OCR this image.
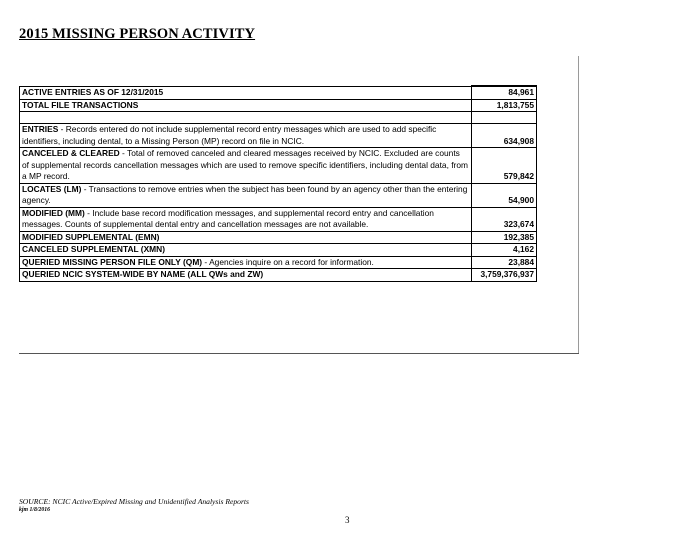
2015 MISSING PERSON ACTIVITY
ACTIVE ENTRIES AS OF 12/31/2015	84,961
TOTAL FILE TRANSACTIONS	1,813,755

ENTRIES - Records entered do not include supplemental record entry messages which are used to add specific identifiers, including dental, to a Missing Person (MP) record on file in NCIC.	634,908
CANCELED & CLEARED - Total of removed canceled and cleared messages received by NCIC. Excluded are counts of supplemental records cancellation messages which are used to remove specific identifiers, including dental data, from a MP record.	579,842
LOCATES (LM) - Transactions to remove entries when the subject has been found by an agency other than the entering agency.	54,900
MODIFIED (MM) - Include base record modification messages, and supplemental record entry and cancellation messages. Counts of supplemental dental entry and cancellation messages are not available.	323,674
MODIFIED SUPPLEMENTAL (EMN)	192,385
CANCELED SUPPLEMENTAL (XMN)	4,162
QUERIED MISSING PERSON FILE ONLY (QM) - Agencies inquire on a record for information.	23,884
QUERIED NCIC SYSTEM-WIDE BY NAME (ALL QWs and ZW)	3,759,376,937
SOURCE: NCIC Active/Expired Missing and Unidentified Analysis Reports
kjm 1/8/2016
3
